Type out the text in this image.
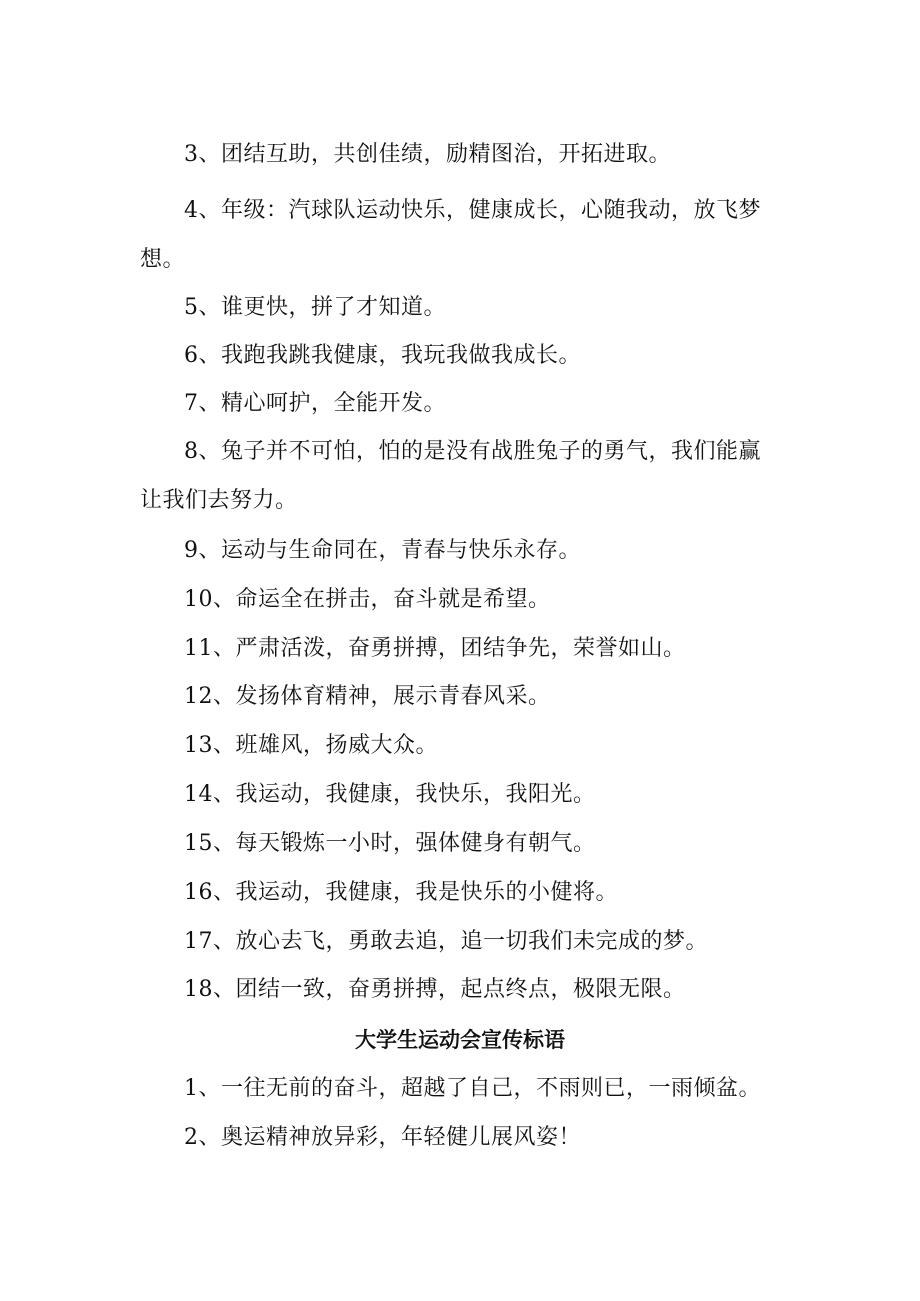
3、团结互助，共创佳绩，励精图治，开拓进取。
4、年级：汽球队运动快乐，健康成长，心随我动，放飞梦想。
5、谁更快，拼了才知道。
6、我跑我跳我健康，我玩我做我成长。
7、精心呵护，全能开发。
8、兔子并不可怕，怕的是没有战胜兔子的勇气，我们能赢让我们去努力。
9、运动与生命同在，青春与快乐永存。
10、命运全在拼击，奋斗就是希望。
11、严肃活泼，奋勇拼搏，团结争先，荣誉如山。
12、发扬体育精神，展示青春风采。
13、班雄风，扬威大众。
14、我运动，我健康，我快乐，我阳光。
15、每天锻炼一小时，强体健身有朝气。
16、我运动，我健康，我是快乐的小健将。
17、放心去飞，勇敢去追，追一切我们未完成的梦。
18、团结一致，奋勇拼搏，起点终点，极限无限。
大学生运动会宣传标语
1、一往无前的奋斗，超越了自己，不雨则已，一雨倾盆。
2、奥运精神放异彩，年轻健儿展风姿！
